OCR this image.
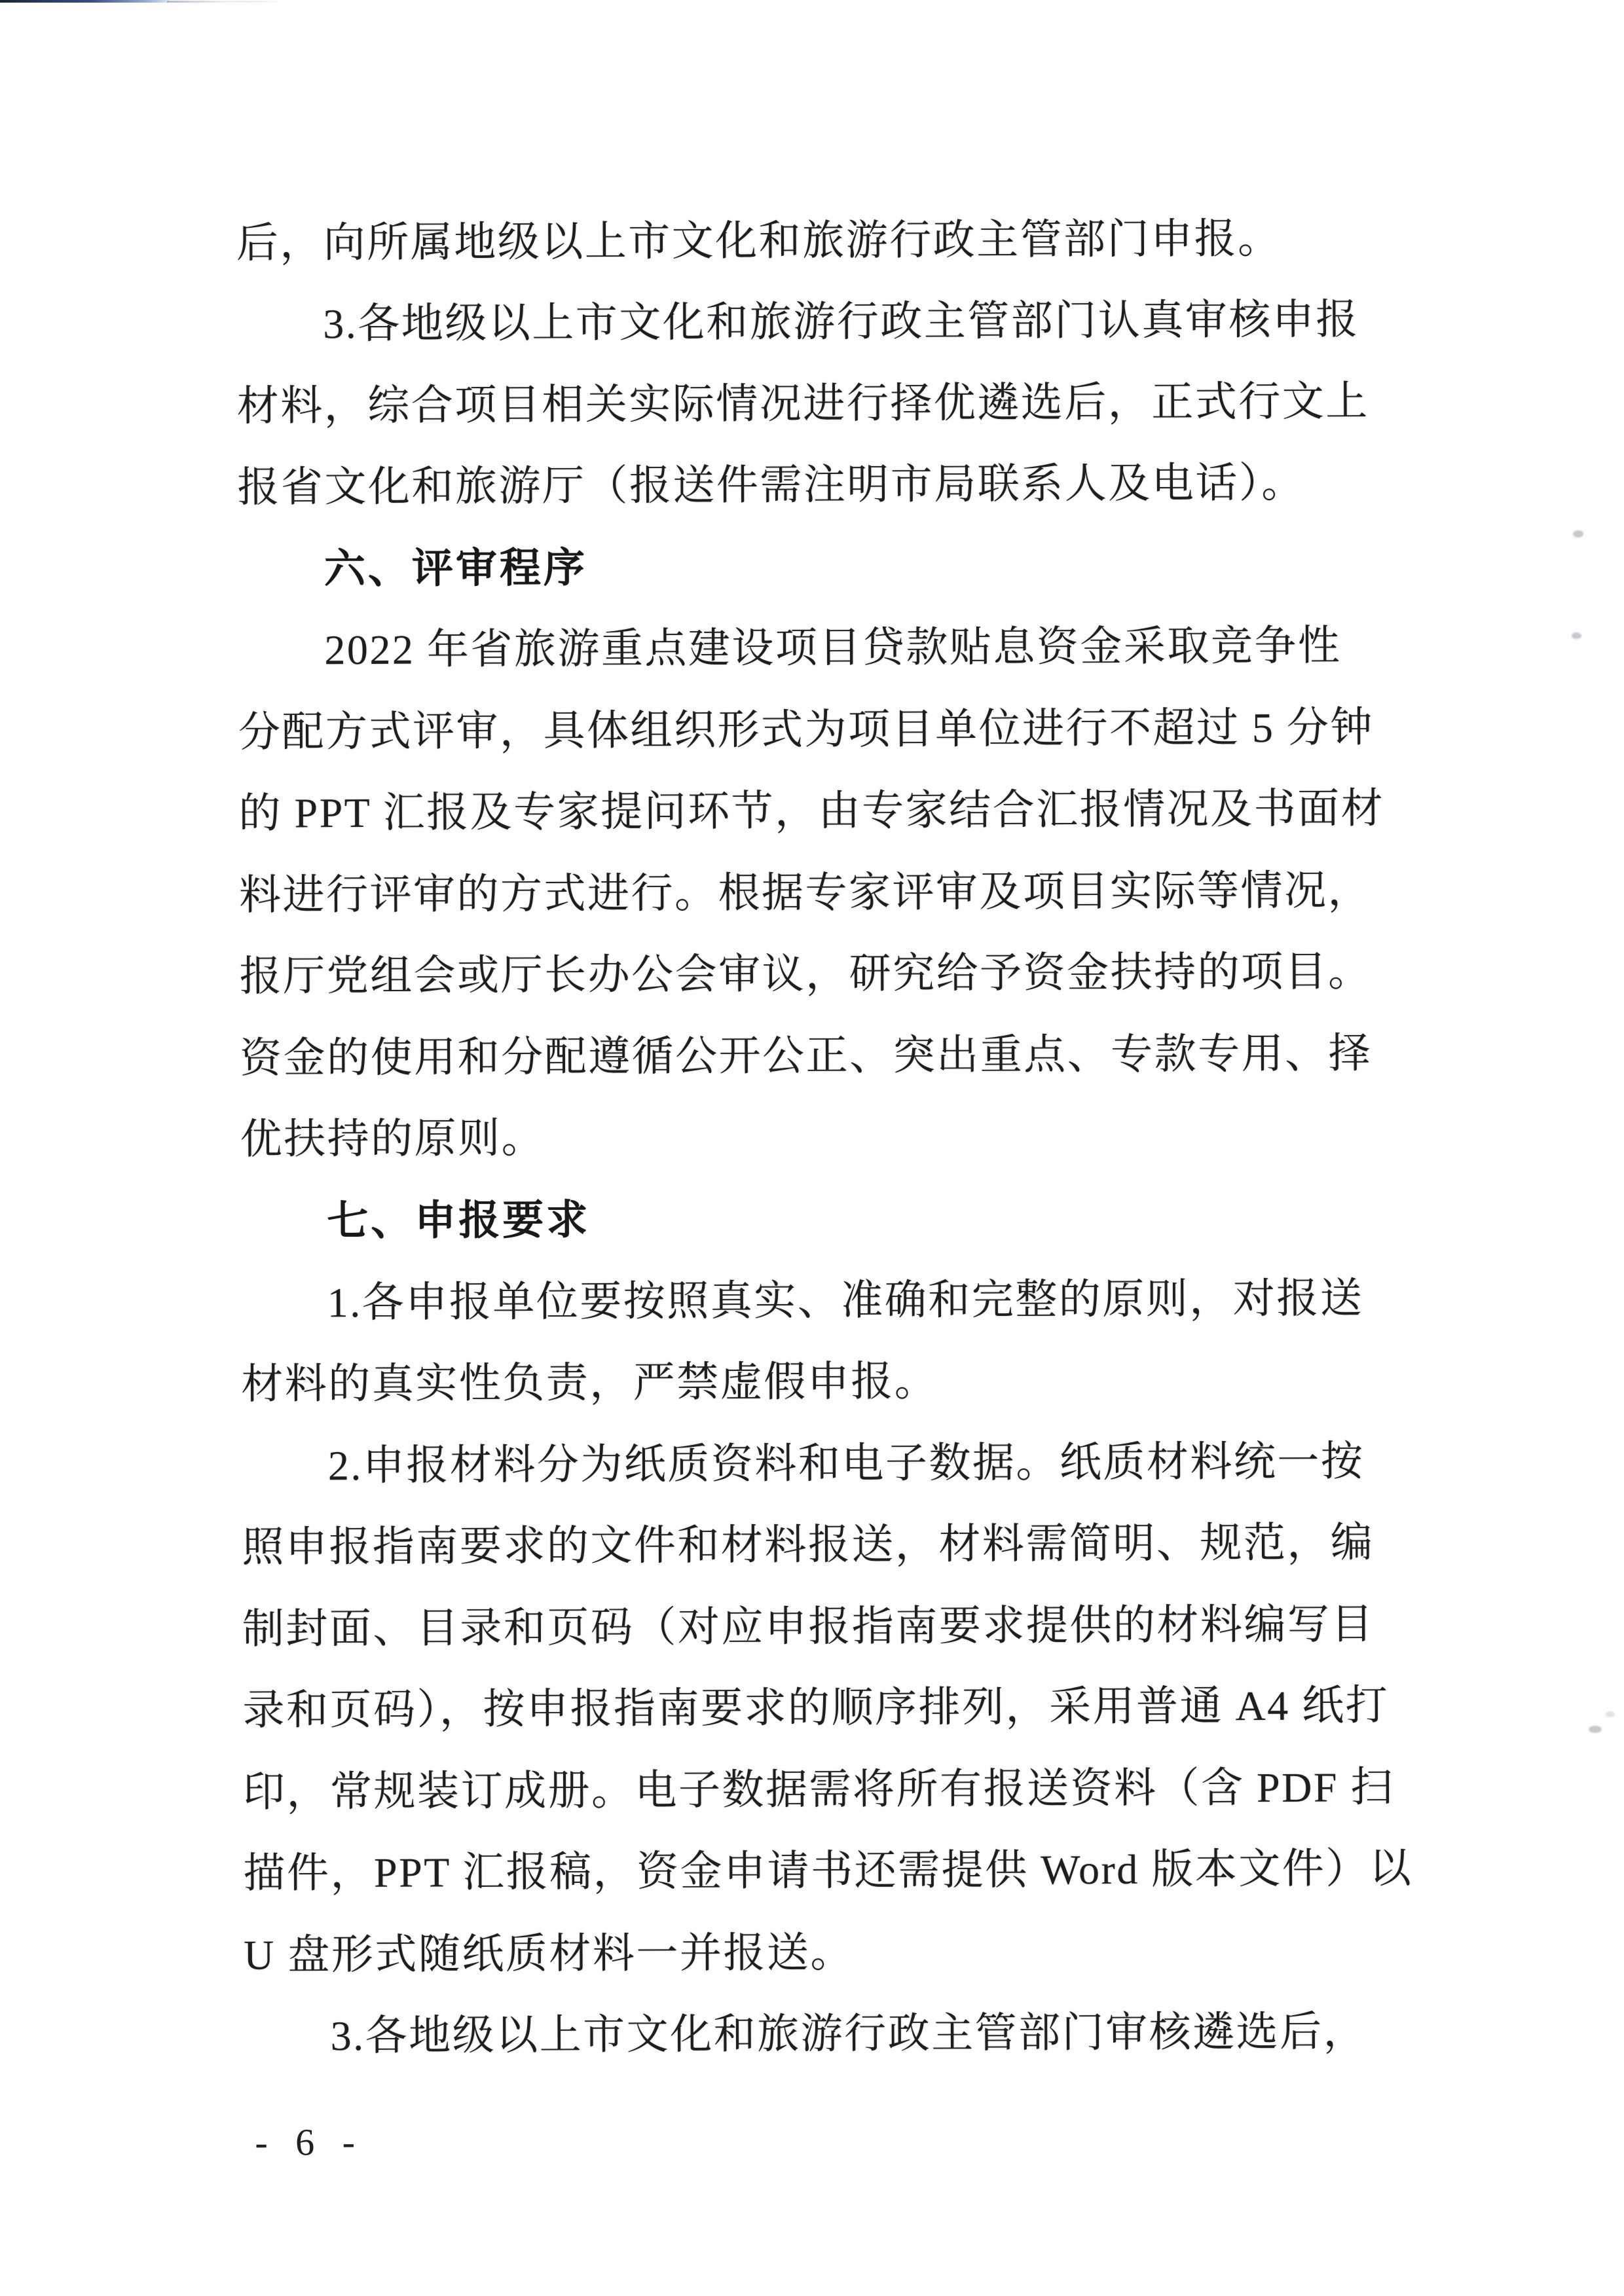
后，向所属地级以上市文化和旅游行政主管部门申报。
3.各地级以上市文化和旅游行政主管部门认真审核申报
材料，综合项目相关实际情况进行择优遴选后，正式行文上
报省文化和旅游厅（报送件需注明市局联系人及电话）。
六、评审程序
2022 年省旅游重点建设项目贷款贴息资金采取竞争性
分配方式评审，具体组织形式为项目单位进行不超过 5 分钟
的 PPT 汇报及专家提问环节，由专家结合汇报情况及书面材
料进行评审的方式进行。根据专家评审及项目实际等情况，
报厅党组会或厅长办公会审议，研究给予资金扶持的项目。
资金的使用和分配遵循公开公正、突出重点、专款专用、择
优扶持的原则。
七、申报要求
1.各申报单位要按照真实、准确和完整的原则，对报送
材料的真实性负责，严禁虚假申报。
2.申报材料分为纸质资料和电子数据。纸质材料统一按
照申报指南要求的文件和材料报送，材料需简明、规范，编
制封面、目录和页码（对应申报指南要求提供的材料编写目
录和页码），按申报指南要求的顺序排列，采用普通 A4 纸打
印，常规装订成册。电子数据需将所有报送资料（含 PDF 扫
描件，PPT 汇报稿，资金申请书还需提供 Word 版本文件）以
U 盘形式随纸质材料一并报送。
3.各地级以上市文化和旅游行政主管部门审核遴选后，
- 6 -
